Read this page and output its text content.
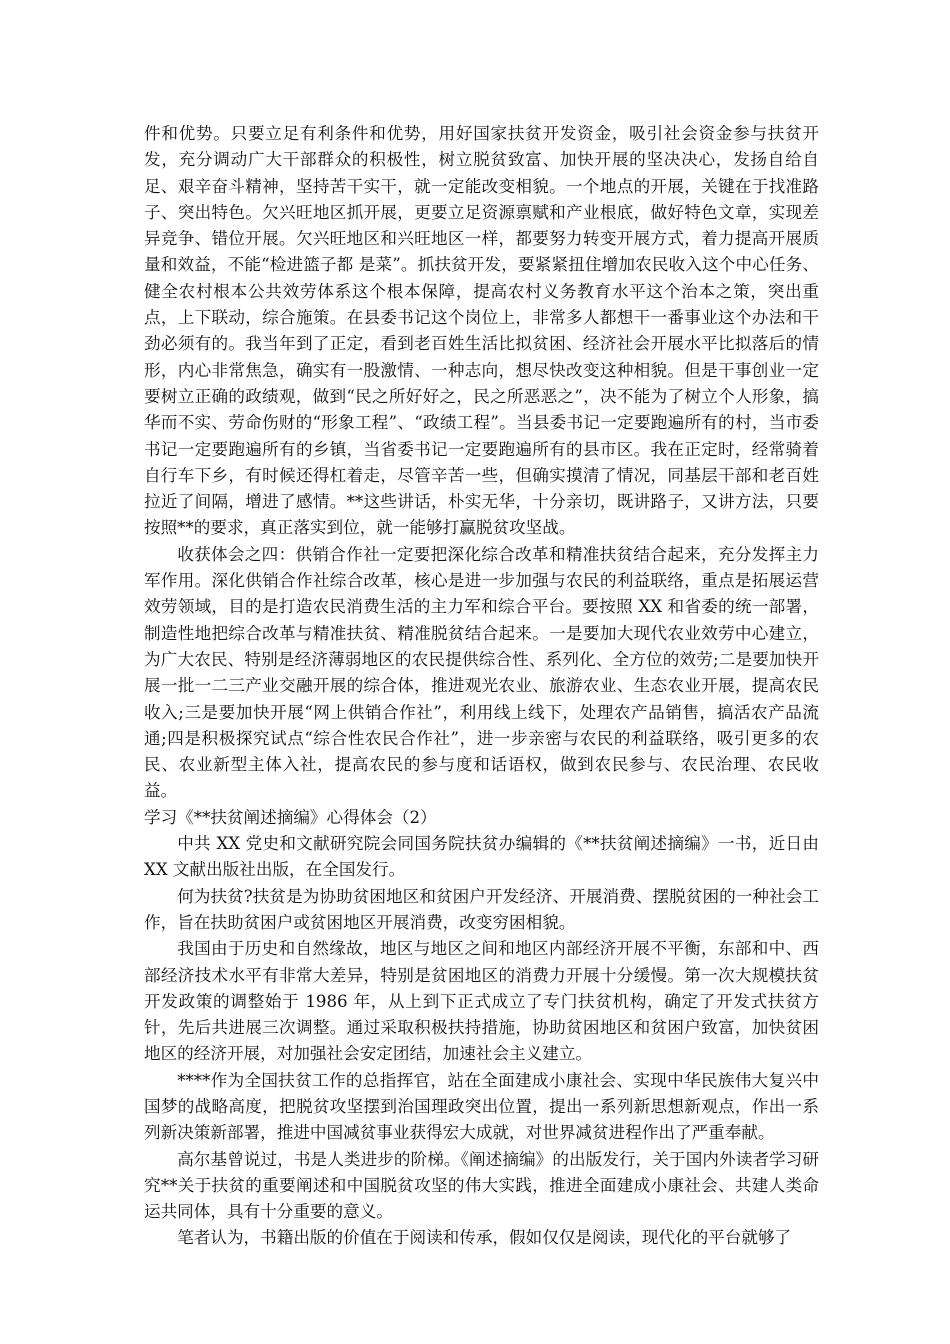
件和优势。只要立足有利条件和优势，用好国家扶贫开发资金，吸引社会资金参与扶贫开发，充分调动广大干部群众的积极性，树立脱贫致富、加快开展的坚决决心，发扬自给自足、艰辛奋斗精神，坚持苦干实干，就一定能改变相貌。一个地点的开展，关键在于找准路子、突出特色。欠兴旺地区抓开展，更要立足资源禀赋和产业根底，做好特色文章，实现差异竞争、错位开展。欠兴旺地区和兴旺地区一样，都要努力转变开展方式，着力提高开展质量和效益，不能“检进篮子都 是菜”。抓扶贫开发，要紧紧扭住增加农民收入这个中心任务、健全农村根本公共效劳体系这个根本保障，提高农村义务教育水平这个治本之策，突出重点，上下联动，综合施策。在县委书记这个岗位上，非常多人都想干一番事业这个办法和干劲必须有的。我当年到了正定，看到老百姓生活比拟贫困、经济社会开展水平比拟落后的情形，内心非常焦急，确实有一股激情、一种志向，想尽快改变这种相貌。但是干事创业一定要树立正确的政绩观，做到“民之所好好之，民之所恶恶之”，决不能为了树立个人形象，搞华而不实、劳命伤财的“形象工程”、“政绩工程”。当县委书记一定要跑遍所有的村，当市委书记一定要跑遍所有的乡镇，当省委书记一定要跑遍所有的县市区。我在正定时，经常骑着自行车下乡，有时候还得杠着走，尽管辛苦一些，但确实摸清了情况，同基层干部和老百姓拉近了间隔，增进了感情。**这些讲话，朴实无华，十分亲切，既讲路子，又讲方法，只要按照**的要求，真正落实到位，就一能够打赢脱贫攻坚战。

收获体会之四：供销合作社一定要把深化综合改革和精准扶贫结合起来，充分发挥主力军作用。深化供销合作社综合改革，核心是进一步加强与农民的利益联络，重点是拓展运营效劳领域，目的是打造农民消费生活的主力军和综合平台。要按照 XX 和省委的统一部署，制造性地把综合改革与精准扶贫、精准脱贫结合起来。一是要加大现代农业效劳中心建立，为广大农民、特别是经济薄弱地区的农民提供综合性、系列化、全方位的效劳;二是要加快开展一批一二三产业交融开展的综合体，推进观光农业、旅游农业、生态农业开展，提高农民收入;三是要加快开展“网上供销合作社”，利用线上线下，处理农产品销售，搞活农产品流通;四是积极探究试点“综合性农民合作社”，进一步亲密与农民的利益联络，吸引更多的农民、农业新型主体入社，提高农民的参与度和话语权，做到农民参与、农民治理、农民收益。

学习《**扶贫阐述摘编》心得体会（2）

中共 XX 党史和文献研究院会同国务院扶贫办编辑的《**扶贫阐述摘编》一书，近日由 XX 文献出版社出版，在全国发行。

何为扶贫?扶贫是为协助贫困地区和贫困户开发经济、开展消费、摆脱贫困的一种社会工作，旨在扶助贫困户或贫困地区开展消费，改变穷困相貌。

我国由于历史和自然缘故，地区与地区之间和地区内部经济开展不平衡，东部和中、西部经济技术水平有非常大差异，特别是贫困地区的消费力开展十分缓慢。第一次大规模扶贫开发政策的调整始于 1986 年，从上到下正式成立了专门扶贫机构，确定了开发式扶贫方针，先后共进展三次调整。通过采取积极扶持措施，协助贫困地区和贫困户致富，加快贫困地区的经济开展，对加强社会安定团结，加速社会主义建立。

****作为全国扶贫工作的总指挥官，站在全面建成小康社会、实现中华民族伟大复兴中国梦的战略高度，把脱贫攻坚摆到治国理政突出位置，提出一系列新思想新观点，作出一系列新决策新部署，推进中国减贫事业获得宏大成就，对世界减贫进程作出了严重奉献。

高尔基曾说过，书是人类进步的阶梯。《阐述摘编》的出版发行，关于国内外读者学习研究**关于扶贫的重要阐述和中国脱贫攻坚的伟大实践，推进全面建成小康社会、共建人类命运共同体，具有十分重要的意义。

笔者认为，书籍出版的价值在于阅读和传承，假如仅仅是阅读，现代化的平台就够了
